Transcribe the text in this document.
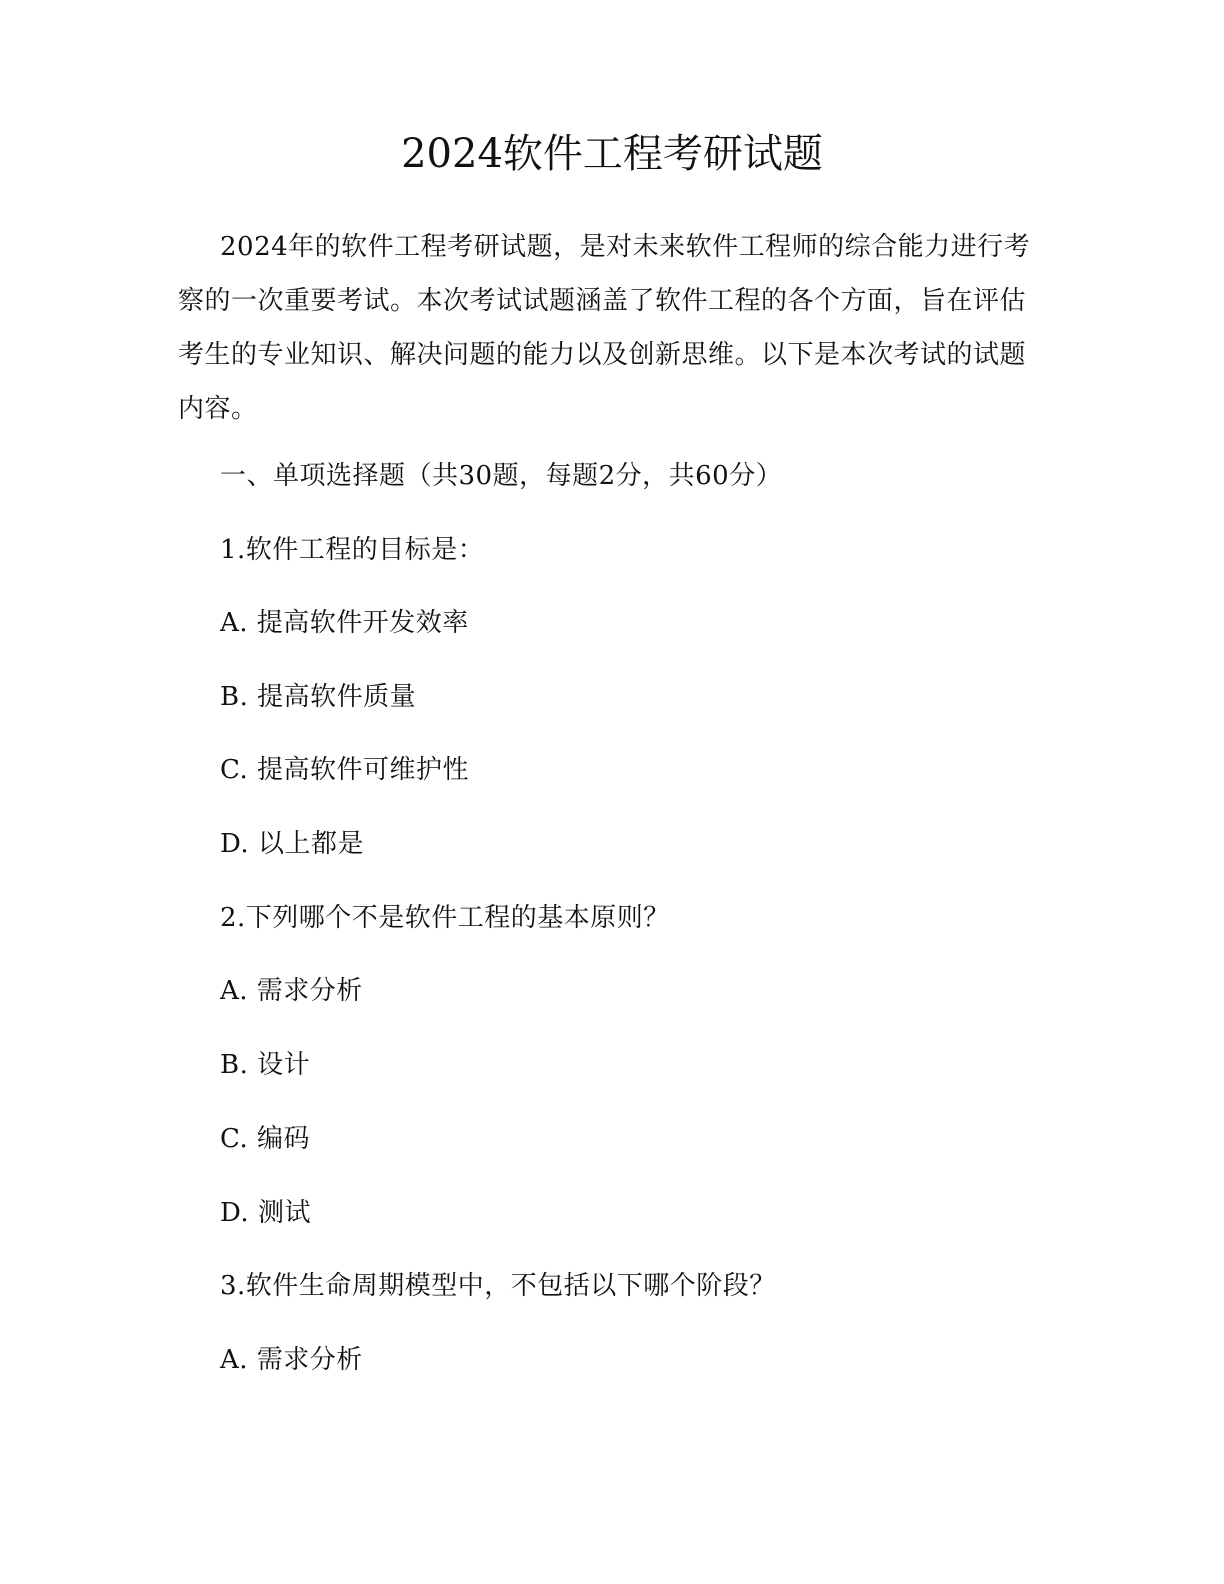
2024软件工程考研试题

2024年的软件工程考研试题，是对未来软件工程师的综合能力进行考察的一次重要考试。本次考试试题涵盖了软件工程的各个方面，旨在评估考生的专业知识、解决问题的能力以及创新思维。以下是本次考试的试题内容。

一、单项选择题（共30题，每题2分，共60分）

1.软件工程的目标是：

A. 提高软件开发效率

B. 提高软件质量

C. 提高软件可维护性

D. 以上都是

2.下列哪个不是软件工程的基本原则？

A. 需求分析

B. 设计

C. 编码

D. 测试

3.软件生命周期模型中，不包括以下哪个阶段？

A. 需求分析
